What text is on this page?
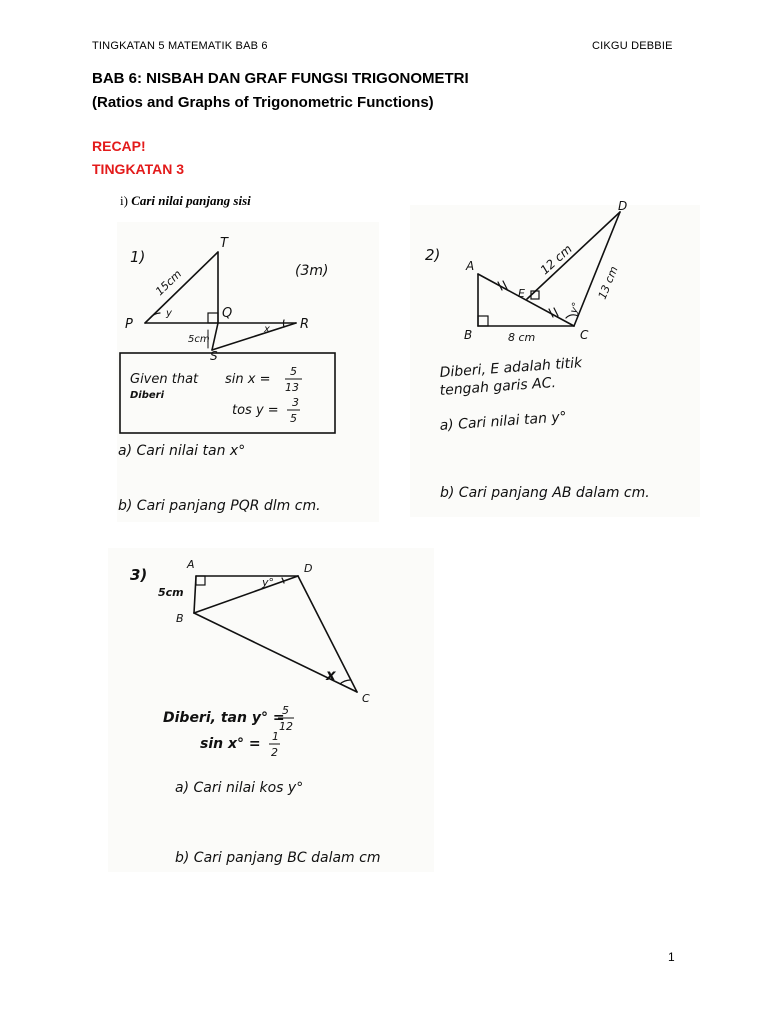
TINGKATAN 5 MATEMATIK BAB 6	CIKGU DEBBIE
BAB 6: NISBAH DAN GRAF FUNGSI TRIGONOMETRI
(Ratios and Graphs of Trigonometric Functions)
RECAP!
TINGKATAN 3
i) Cari nilai panjang sisi
1)
T
P
Q
R
S
15cm
5cm
y
x
(3m)
Given that
Diberi
sin x =
5
13
tos y =
3
5
a) Cari nilai tan x°
b) Cari panjang PQR dlm cm.
2)
A
B	C
D
E
12 cm
13 cm
8 cm
y°
Diberi, E adalah titik
tengah garis AC.
a) Cari nilai tan y°
b) Cari panjang AB dalam cm.
3)
A
B
C
D
5cm
y°
x
Diberi, tan y° =
5
12
sin x° = 1
2
a) Cari nilai kos y°
b) Cari panjang BC dalam cm
1
